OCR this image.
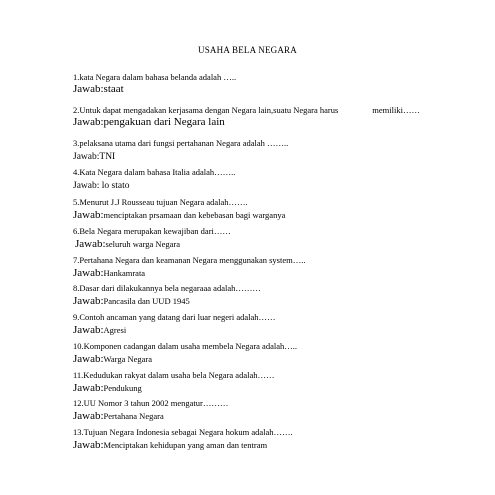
USAHA BELA NEGARA
1.kata Negara dalam bahasa belanda adalah …..
Jawab:staat
2.Untuk dapat mengadakan kerjasama dengan Negara lain,suatu Negara harus	memiliki……
Jawab:pengakuan dari Negara lain
3.pelaksana utama dari fungsi pertahanan Negara adalah ……..
Jawab:TNI
4.Kata Negara dalam bahasa Italia adalah……..
Jawab: lo stato
5.Menurut J.J Rousseau tujuan Negara adalah…….
Jawab:menciptakan prsamaan dan kebebasan bagi warganya
6.Bela Negara merupakan kewajiban dari……
Jawab:seluruh warga Negara
7.Pertahana Negara dan keamanan Negara menggunakan system…..
Jawab:Hankamrata
8.Dasar dari dilakukannya bela negaraaa adalah………
Jawab:Pancasila dan UUD 1945
9.Contoh ancaman yang datang dari luar negeri adalah……
Jawab:Agresi
10.Komponen cadangan dalam usaha membela Negara adalah…..
Jawab:Warga Negara
11.Kedudukan rakyat dalam usaha bela Negara adalah……
Jawab:Pendukung
12.UU Nomor 3 tahun 2002 mengatur………
Jawab:Pertahana Negara
13.Tujuan Negara Indonesia sebagai Negara hokum adalah…….
Jawab:Menciptakan kehidupan yang aman dan tentram
